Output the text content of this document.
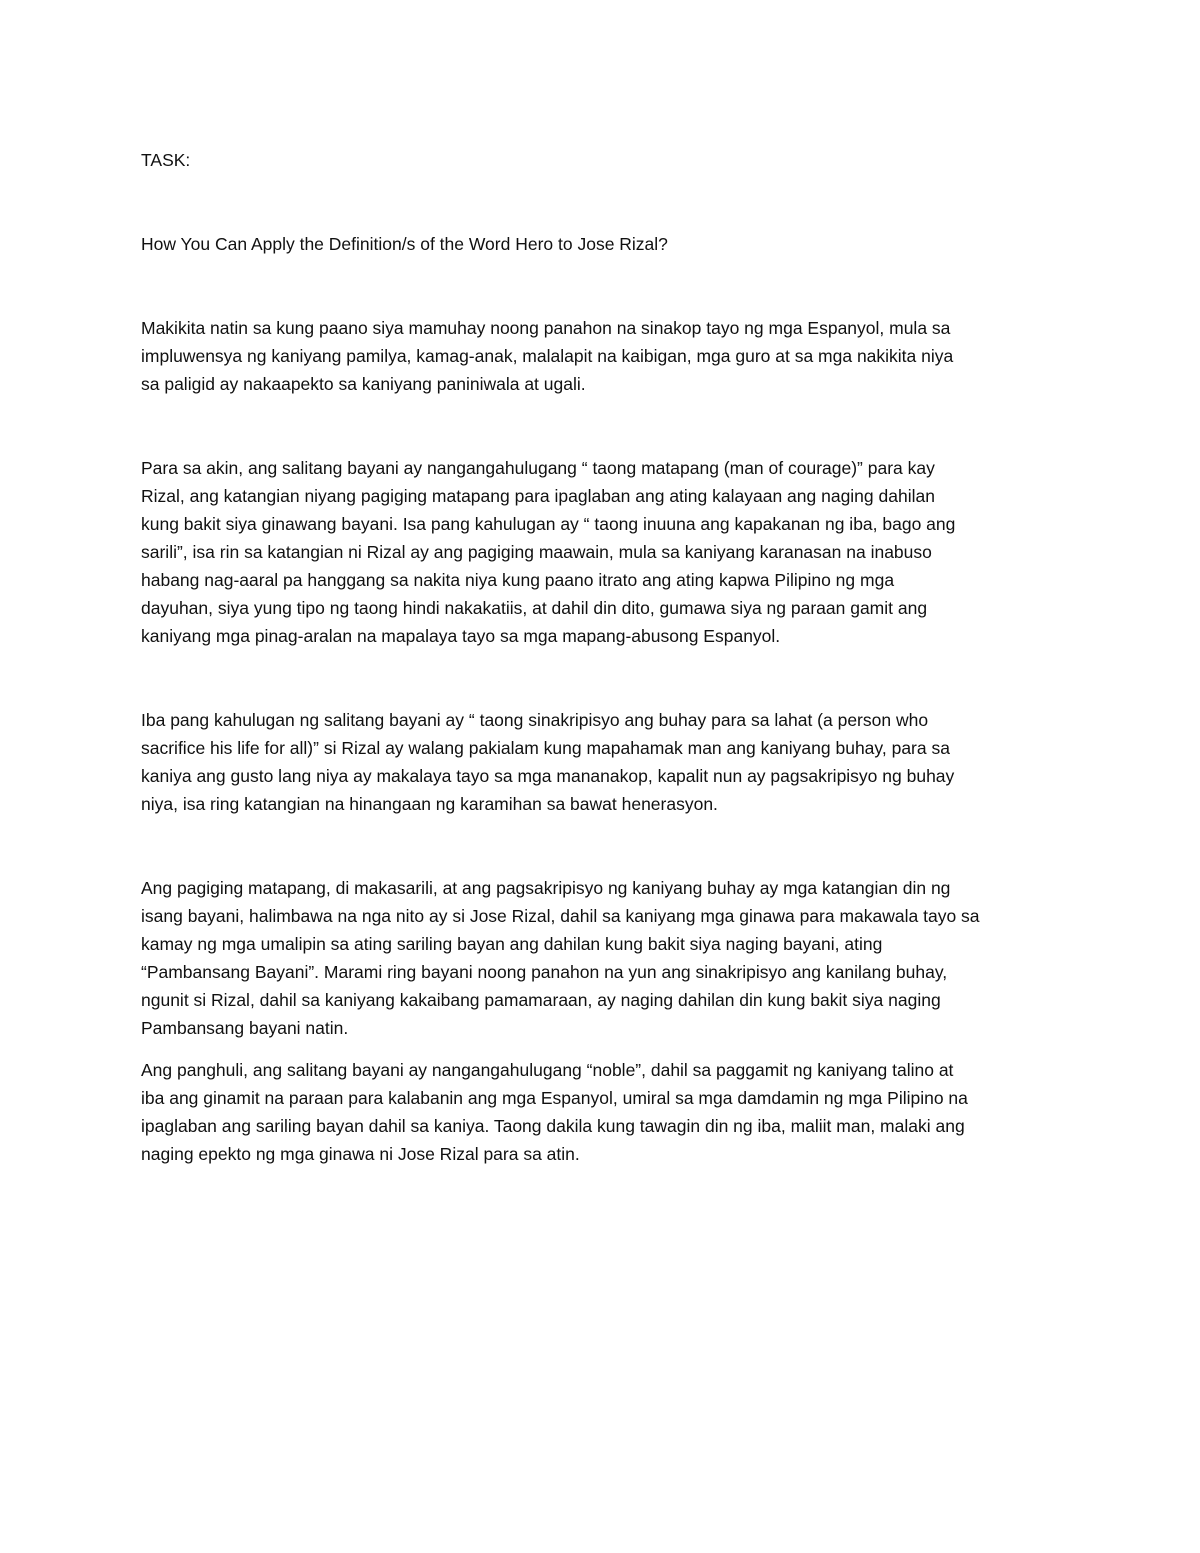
TASK:

How You Can Apply the Definition/s of the Word Hero to Jose Rizal?

Makikita natin sa kung paano siya mamuhay noong panahon na sinakop tayo ng mga Espanyol, mula sa
impluwensya ng kaniyang pamilya, kamag-anak, malalapit na kaibigan, mga guro at sa mga nakikita niya
sa paligid ay nakaapekto sa kaniyang paniniwala at ugali.
Para sa akin, ang salitang bayani ay nangangahulugang “ taong matapang (man of courage)” para kay
Rizal, ang katangian niyang pagiging matapang para ipaglaban ang ating kalayaan ang naging dahilan
kung bakit siya ginawang bayani. Isa pang kahulugan ay “ taong inuuna ang kapakanan ng iba, bago ang
sarili”, isa rin sa katangian ni Rizal ay ang pagiging maawain, mula sa kaniyang karanasan na inabuso
habang nag-aaral pa hanggang sa nakita niya kung paano itrato ang ating kapwa Pilipino ng mga
dayuhan, siya yung tipo ng taong hindi nakakatiis, at dahil din dito, gumawa siya ng paraan gamit ang
kaniyang mga pinag-aralan na mapalaya tayo sa mga mapang-abusong Espanyol.
Iba pang kahulugan ng salitang bayani ay “ taong sinakripisyo ang buhay para sa lahat (a person who
sacrifice his life for all)” si Rizal ay walang pakialam kung mapahamak man ang kaniyang buhay, para sa
kaniya ang gusto lang niya ay makalaya tayo sa mga mananakop, kapalit nun ay pagsakripisyo ng buhay
niya, isa ring katangian na hinangaan ng karamihan sa bawat henerasyon.
Ang pagiging matapang, di makasarili, at ang pagsakripisyo ng kaniyang buhay ay mga katangian din ng
isang bayani, halimbawa na nga nito ay si Jose Rizal, dahil sa kaniyang mga ginawa para makawala tayo sa
kamay ng mga umalipin sa ating sariling bayan ang dahilan kung bakit siya naging bayani, ating
“Pambansang Bayani”. Marami ring bayani noong panahon na yun ang sinakripisyo ang kanilang buhay,
ngunit si Rizal, dahil sa kaniyang kakaibang pamamaraan, ay naging dahilan din kung bakit siya naging
Pambansang bayani natin.
Ang panghuli, ang salitang bayani ay nangangahulugang “noble”, dahil sa paggamit ng kaniyang talino at
iba ang ginamit na paraan para kalabanin ang mga Espanyol, umiral sa mga damdamin ng mga Pilipino na
ipaglaban ang sariling bayan dahil sa kaniya. Taong dakila kung tawagin din ng iba, maliit man, malaki ang
naging epekto ng mga ginawa ni Jose Rizal para sa atin.
